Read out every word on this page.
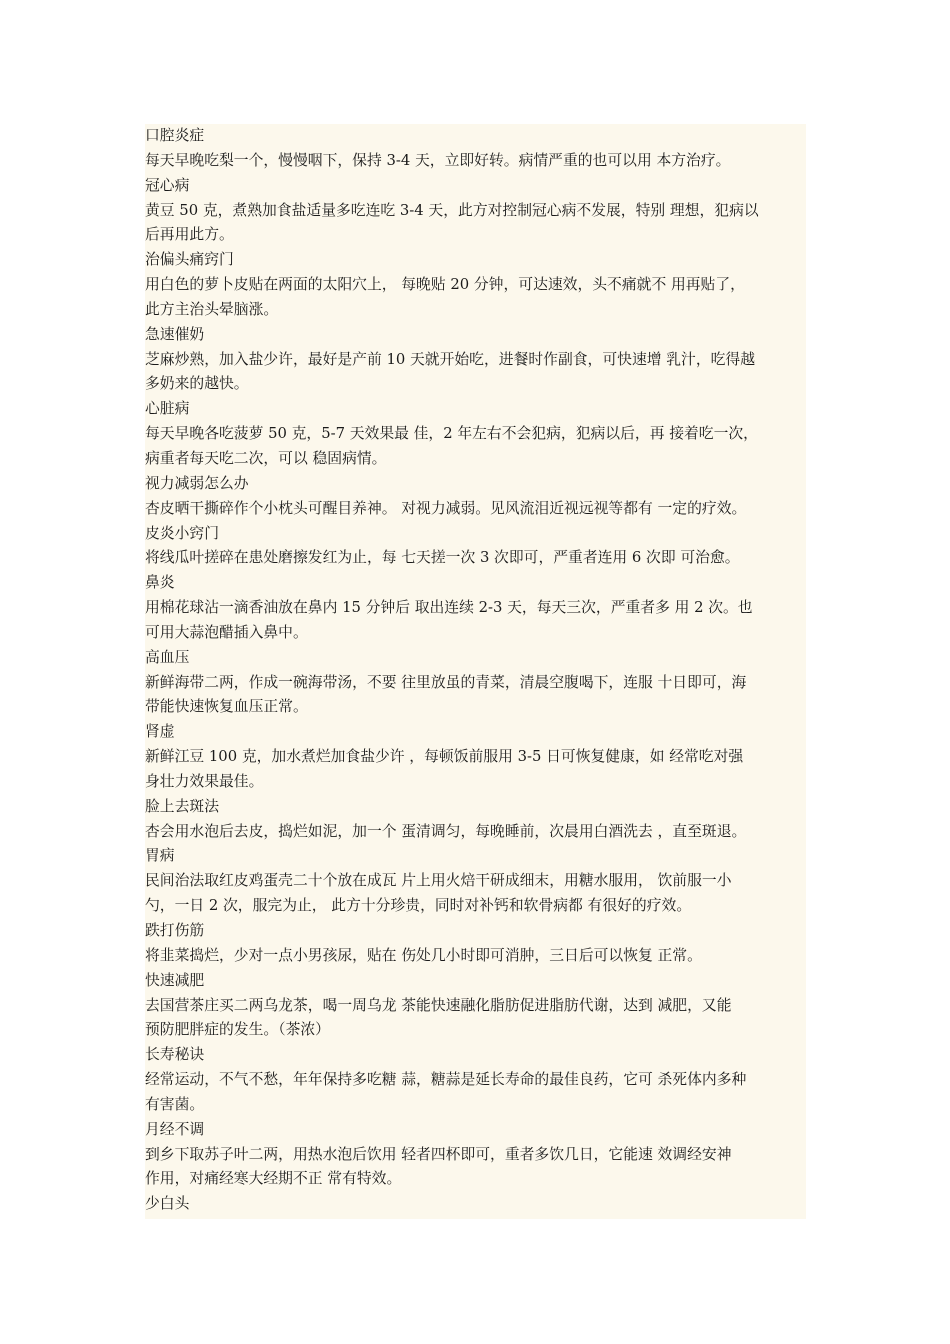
口腔炎症
每天早晚吃梨一个，慢慢咽下，保持 3-4 天，立即好转。病情严重的也可以用 本方治疗。
冠心病
黄豆 50 克，煮熟加食盐适量多吃连吃 3-4 天，此方对控制冠心病不发展，特别 理想，犯病以
后再用此方。
治偏头痛窍门
用白色的萝卜皮贴在两面的太阳穴上， 每晚贴 20 分钟，可达速效，头不痛就不 用再贴了，
此方主治头晕脑涨。
急速催奶
芝麻炒熟，加入盐少许，最好是产前 10 天就开始吃，进餐时作副食，可快速增 乳汁，吃得越
多奶来的越快。
心脏病
每天早晚各吃菠萝 50 克，5-7 天效果最 佳，2 年左右不会犯病，犯病以后，再 接着吃一次，
病重者每天吃二次，可以 稳固病情。
视力减弱怎么办
杏皮晒干撕碎作个小枕头可醒目养神。 对视力减弱。见风流泪近视远视等都有 一定的疗效。
皮炎小窍门
将线瓜叶搓碎在患处磨擦发红为止，每 七天搓一次 3 次即可，严重者连用 6 次即 可治愈。
鼻炎
用棉花球沾一滴香油放在鼻内 15 分钟后 取出连续 2-3 天，每天三次，严重者多 用 2 次。也
可用大蒜泡醋插入鼻中。
高血压
新鲜海带二两，作成一碗海带汤，不要 往里放虽的青菜，清晨空腹喝下，连服 十日即可，海
带能快速恢复血压正常。
肾虚
新鲜江豆 100 克，加水煮烂加食盐少许 ，每顿饭前服用 3-5 日可恢复健康，如 经常吃对强
身壮力效果最佳。
脸上去斑法
杏会用水泡后去皮，捣烂如泥，加一个 蛋清调匀，每晚睡前，次晨用白酒洗去 ，直至斑退。
胃病
民间治法取红皮鸡蛋壳二十个放在成瓦 片上用火焙干研成细末，用糖水服用， 饮前服一小
勺，一日 2 次，服完为止， 此方十分珍贵，同时对补钙和软骨病都 有很好的疗效。
跌打伤筋
将韭菜捣烂，少对一点小男孩尿，贴在 伤处几小时即可消肿，三日后可以恢复 正常。
快速减肥
去国营茶庄买二两乌龙茶，喝一周乌龙 茶能快速融化脂肪促进脂肪代谢，达到 减肥，又能
预防肥胖症的发生。（茶浓）
长寿秘诀
经常运动，不气不愁，年年保持多吃糖 蒜，糖蒜是延长寿命的最佳良药，它可 杀死体内多种
有害菌。
月经不调
到乡下取苏子叶二两，用热水泡后饮用 轻者四杯即可，重者多饮几日，它能速 效调经安神
作用，对痛经寒大经期不正 常有特效。
少白头
